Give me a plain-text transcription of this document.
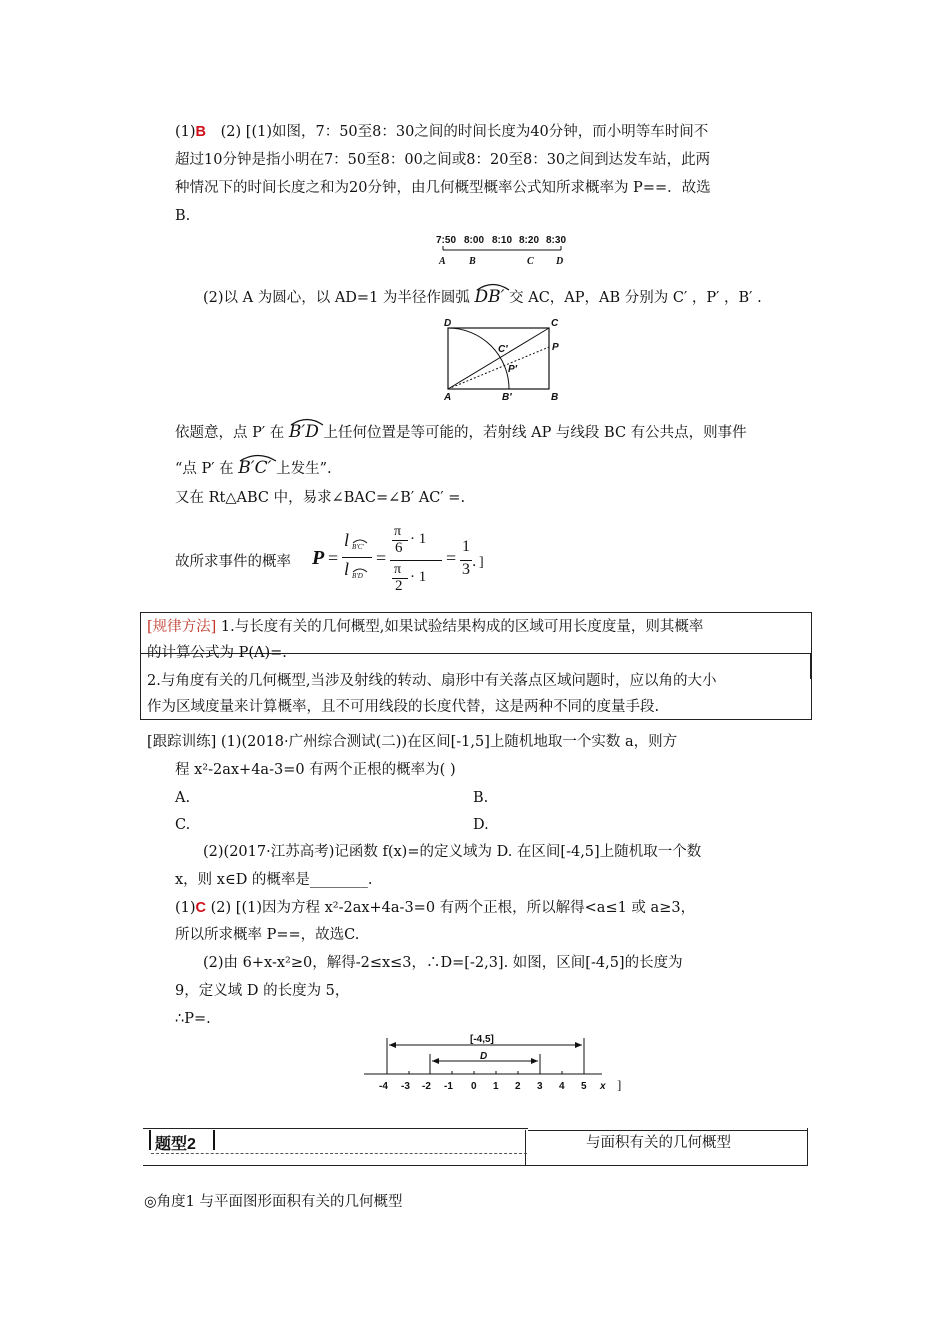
(1)B (2) [(1)如图，7：50至8：30之间的时间长度为40分钟，而小明等车时间不
超过10分钟是指小明在7：50至8：00之间或8：20至8：30之间到达发车站，此两
种情况下的时间长度之和为20分钟，由几何概型概率公式知所求概率为 P==．故选
B.
7:50 8:00 8:10 8:20 8:30
A B	C D
(2)以 A 为圆心，以 AD=1 为半径作圆弧 DB′ 交 AC，AP，AB 分别为 C′ ，P′ ，B′ .
D	C
P
C′
P′
A	B′	B
依题意，点 P′ 在 B′D 上任何位置是等可能的，若射线 AP 与线段 BC 有公共点，则事件
“点 P′ 在 B′C′ 上发生”.
又在 Rt△ABC 中，易求∠BAC=∠B′ AC′ =.
故所求事件的概率 P =
l B′C′
l B′D
=
π
6
· 1
π
2
· 1
=
1
3 ．]
[规律方法] 1.与长度有关的几何概型,如果试验结果构成的区域可用长度度量，则其概率
的计算公式为 P(A)=.
2.与角度有关的几何概型,当涉及射线的转动、扇形中有关落点区域问题时，应以角的大小
作为区域度量来计算概率，且不可用线段的长度代替，这是两种不同的度量手段.
[跟踪训练] (1)(2018·广州综合测试(二))在区间[-1,5]上随机地取一个实数 a，则方
程 x²-2ax+4a-3=0 有两个正根的概率为( )
A.	B.
C.	D.
(2)(2017·江苏高考)记函数 f(x)=的定义域为 D. 在区间[-4,5]上随机取一个数
x，则 x∈D 的概率是________.
(1)C (2) [(1)因为方程 x²-2ax+4a-3=0 有两个正根，所以解得<a≤1 或 a≥3，
所以所求概率 P==，故选C.
(2)由 6+x-x²≥0，解得-2≤x≤3，∴D=[-2,3]. 如图，区间[-4,5]的长度为
9，定义域 D 的长度为 5，
∴P=.
[-4,5]
D
-4 -3 -2 -1 0 1 2 3 4 5 x ]
题型2	与面积有关的几何概型
◎角度1 与平面图形面积有关的几何概型
